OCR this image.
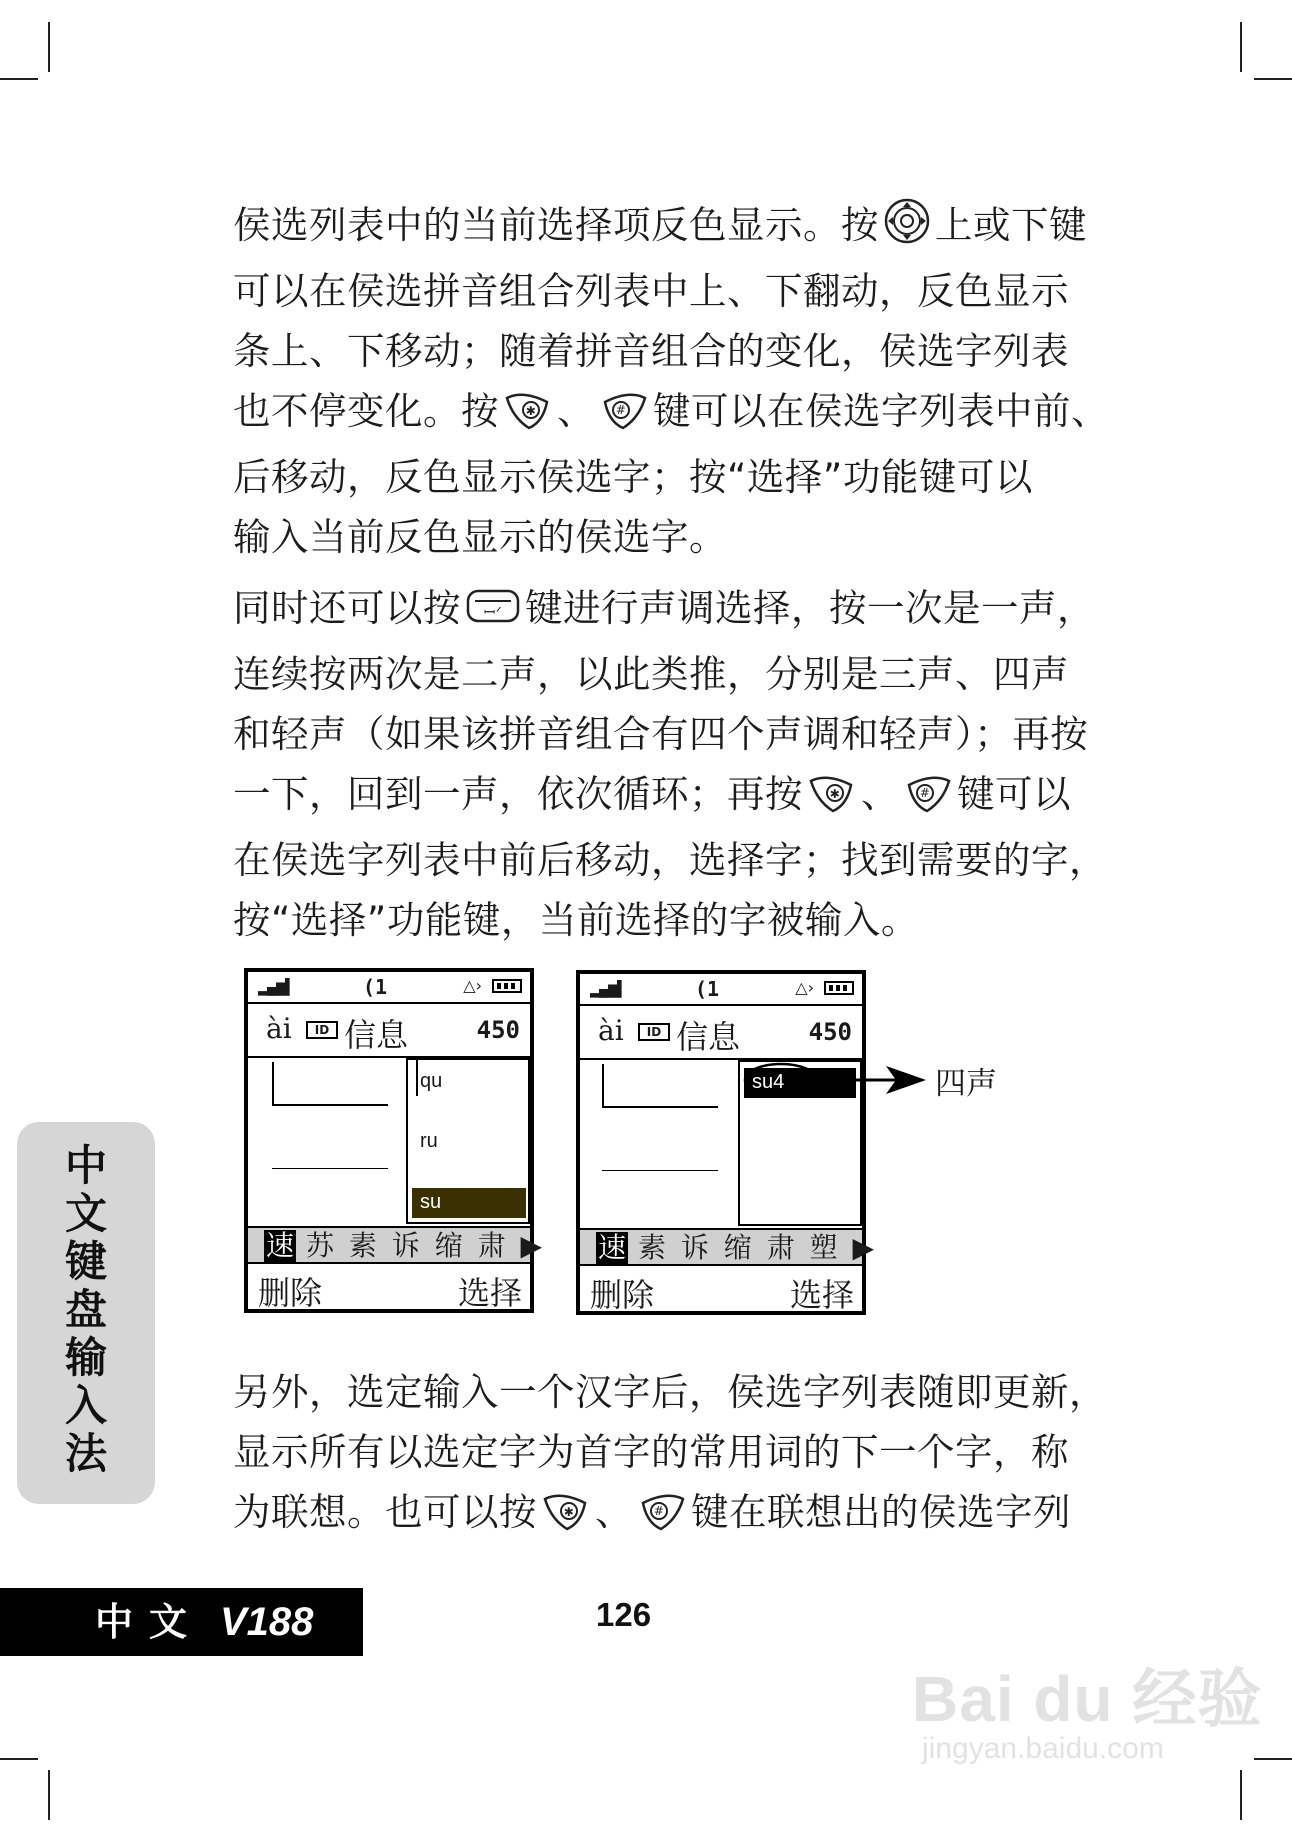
侯选列表中的当前选择项反色显示。按 上或下键

可以在侯选拼音组合列表中上、下翻动，反色显示

条上、下移动；随着拼音组合的变化，侯选字列表

也不停变化。按 ✱ 、 # 键可以在侯选字列表中前、

后移动，反色显示侯选字；按“选择”功能键可以

输入当前反色显示的侯选字。

同时还可以按 ꟷᐟ 键进行声调选择，按一次是一声，

连续按两次是二声，以此类推，分别是三声、四声

和轻声（如果该拼音组合有四个声调和轻声）；再按

一下，回到一声，依次循环；再按 ✱ 、 # 键可以

在侯选字列表中前后移动，选择字；找到需要的字，

按“选择”功能键，当前选择的字被输入。

▂▄▆▌	(1	△›
ài	ID 信息	450
qu
ru
su
速 苏 素 诉 缩 肃 ▶
删除	选择
▂▄▆▌	(1	△›
ài	ID 信息	450
su4
速 素 诉 缩 肃 塑 ▶
删除	选择
四声

另外，选定输入一个汉字后，侯选字列表随即更新，

显示所有以选定字为首字的常用词的下一个字，称

为联想。也可以按 ✱ 、 # 键在联想出的侯选字列

中
文
键
盘
输
入
法
中文 V188	126
Bai du 经验
jingyan.baidu.com
